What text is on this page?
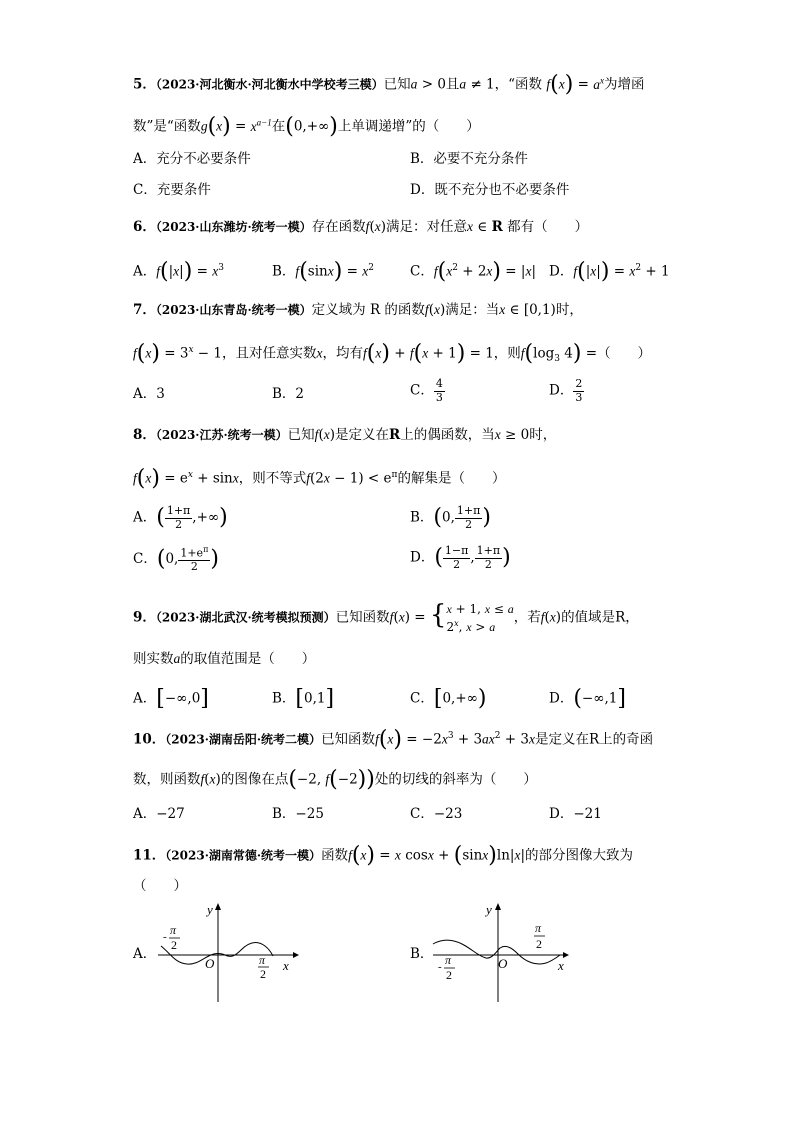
5．（2023·河北衡水·河北衡水中学校考三模）已知a > 0且a ≠ 1，“函数 $f(x) = a^x$为增函
数”是“函数$g(x) = x^{a-1}$在(0,+∞)上单调递增”的（　　）
A．充分不必要条件	B．必要不充分条件
C．充要条件	D．既不充分也不必要条件
6．（2023·山东潍坊·统考一模）存在函数f(x)满足：对任意x ∈ R 都有（　　）
A．$f(|x|) = x^3$	B．$f(\sin x) = x^2$	C．$f(x^2 + 2x) = |x|$ D．$f(|x|) = x^2 + 1$
7．（2023·山东青岛·统考一模）定义域为 R 的函数f(x)满足：当x ∈ [0,1)时，
$f(x) = 3^x - 1$，且对任意实数x，均有f(x) + f(x + 1) = 1，则$f(\log_3$ 4) =（　　）
A．3	B．2	C． $\frac{4}{3}$	D． $\frac{2}{3}$
8．（2023·江苏·统考一模）已知f(x)是定义在R上的偶函数，当x ≥ 0时，
$f(x) = e^x + \sin x$，则不等式$f(2x - 1) < e^\pi$的解集是（　　）
A．( $\frac{1+\pi}{2}$ ,+∞)	B．(0, $\frac{1+\pi}{2}$ )
C．(0, $\frac{1+e^\pi}{2}$ )	D．( $\frac{1-\pi}{2}$ , $\frac{1+\pi}{2}$ )
9．（2023·湖北武汉·统考模拟预测）已知函数f(x) = {x + 1, x ≤ a
2$^x$, x > a，若f(x)的值域是R，
则实数a的取值范围是（　　）
A．[−∞,0]	B．[0,1]	C．[0,+∞)	D．(−∞,1]
10．（2023·湖南岳阳·统考二模）已知函数$f(x) = -2x^3 + 3ax^2 + 3x$是定义在R上的奇函
数，则函数f(x)的图像在点(−2, f(−2))处的切线的斜率为（　　）
A．−27	B．−25	C．−23	D．−21
11．（2023·湖南常德·统考一模）函数f(x) = x cosx + (sinx)ln|x|的部分图像大致为
（　　）
A．
y
x
O
- π
2
π
2
B．
y
x
O
- π
2
π
2
